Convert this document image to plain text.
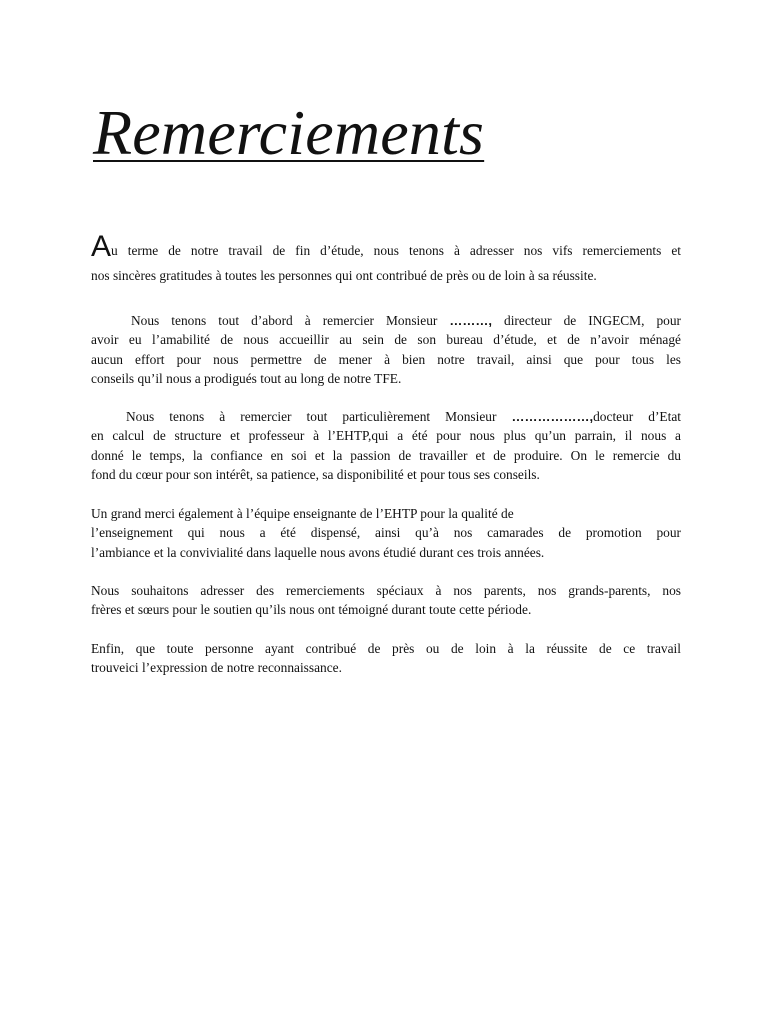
Remerciements

Au terme de notre travail de fin d’étude, nous tenons à adresser nos vifs remerciements et
nos sincères gratitudes à toutes les personnes qui ont contribué de près ou de loin à sa réussite.

Nous tenons tout d’abord à remercier Monsieur ………, directeur de INGECM, pour
avoir eu l’amabilité de nous accueillir au sein de son bureau d’étude, et de n’avoir ménagé
aucun effort pour nous permettre de mener à bien notre travail, ainsi que pour tous les
conseils qu’il nous a prodigués tout au long de notre TFE.

Nous tenons à remercier tout particulièrement Monsieur ………………,docteur d’Etat
en calcul de structure et professeur à l’EHTP,qui a été pour nous plus qu’un parrain, il nous a
donné le temps, la confiance en soi et la passion de travailler et de produire. On le remercie du
fond du cœur pour son intérêt, sa patience, sa disponibilité et pour tous ses conseils.

Un grand merci également à l’équipe enseignante de l’EHTP pour la qualité de
l’enseignement qui nous a été dispensé, ainsi qu’à nos camarades de promotion pour
l’ambiance et la convivialité dans laquelle nous avons étudié durant ces trois années.

Nous souhaitons adresser des remerciements spéciaux à nos parents, nos grands-parents, nos
frères et sœurs pour le soutien qu’ils nous ont témoigné durant toute cette période.

Enfin, que toute personne ayant contribué de près ou de loin à la réussite de ce travail
trouveici l’expression de notre reconnaissance.
